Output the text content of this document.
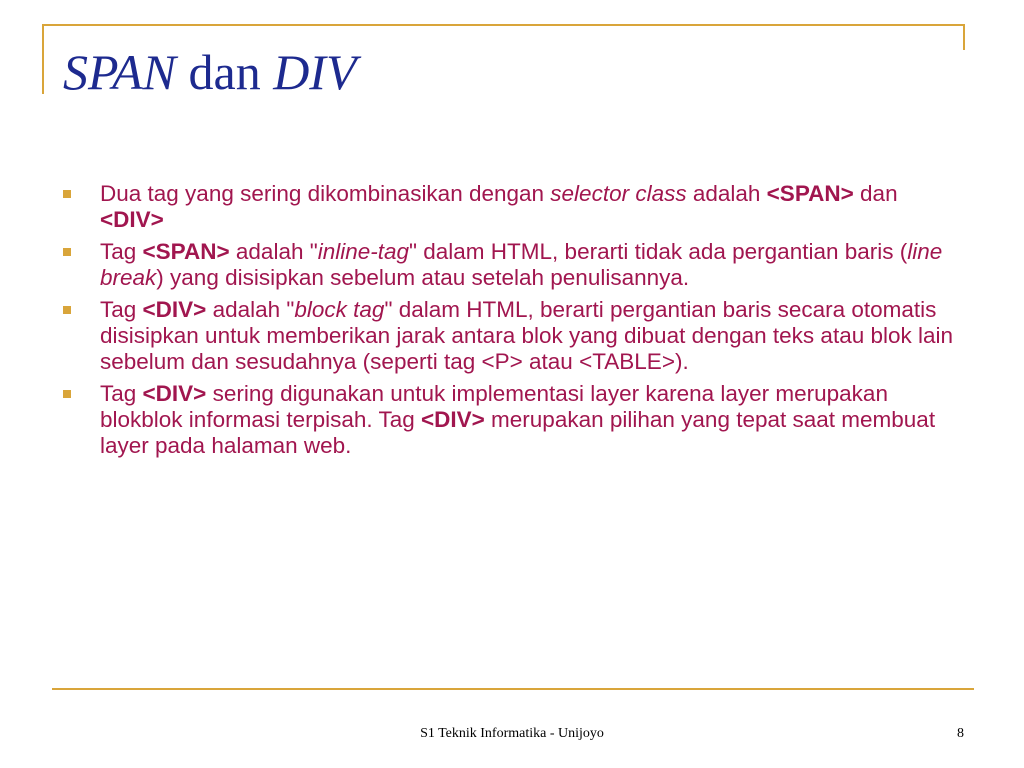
SPAN dan DIV
Dua tag yang sering dikombinasikan dengan selector class adalah <SPAN> dan <DIV>
Tag <SPAN> adalah "inline-tag" dalam HTML, berarti tidak ada pergantian baris (line break) yang disisipkan sebelum atau setelah penulisannya.
Tag <DIV> adalah "block tag" dalam HTML, berarti pergantian baris secara otomatis disisipkan untuk memberikan jarak antara blok yang dibuat dengan teks atau blok lain sebelum dan sesudahnya (seperti tag <P> atau <TABLE>).
Tag <DIV> sering digunakan untuk implementasi layer karena layer merupakan blokblok informasi terpisah. Tag <DIV> merupakan pilihan yang tepat saat membuat layer pada halaman web.
S1 Teknik Informatika - Unijoyo	8
